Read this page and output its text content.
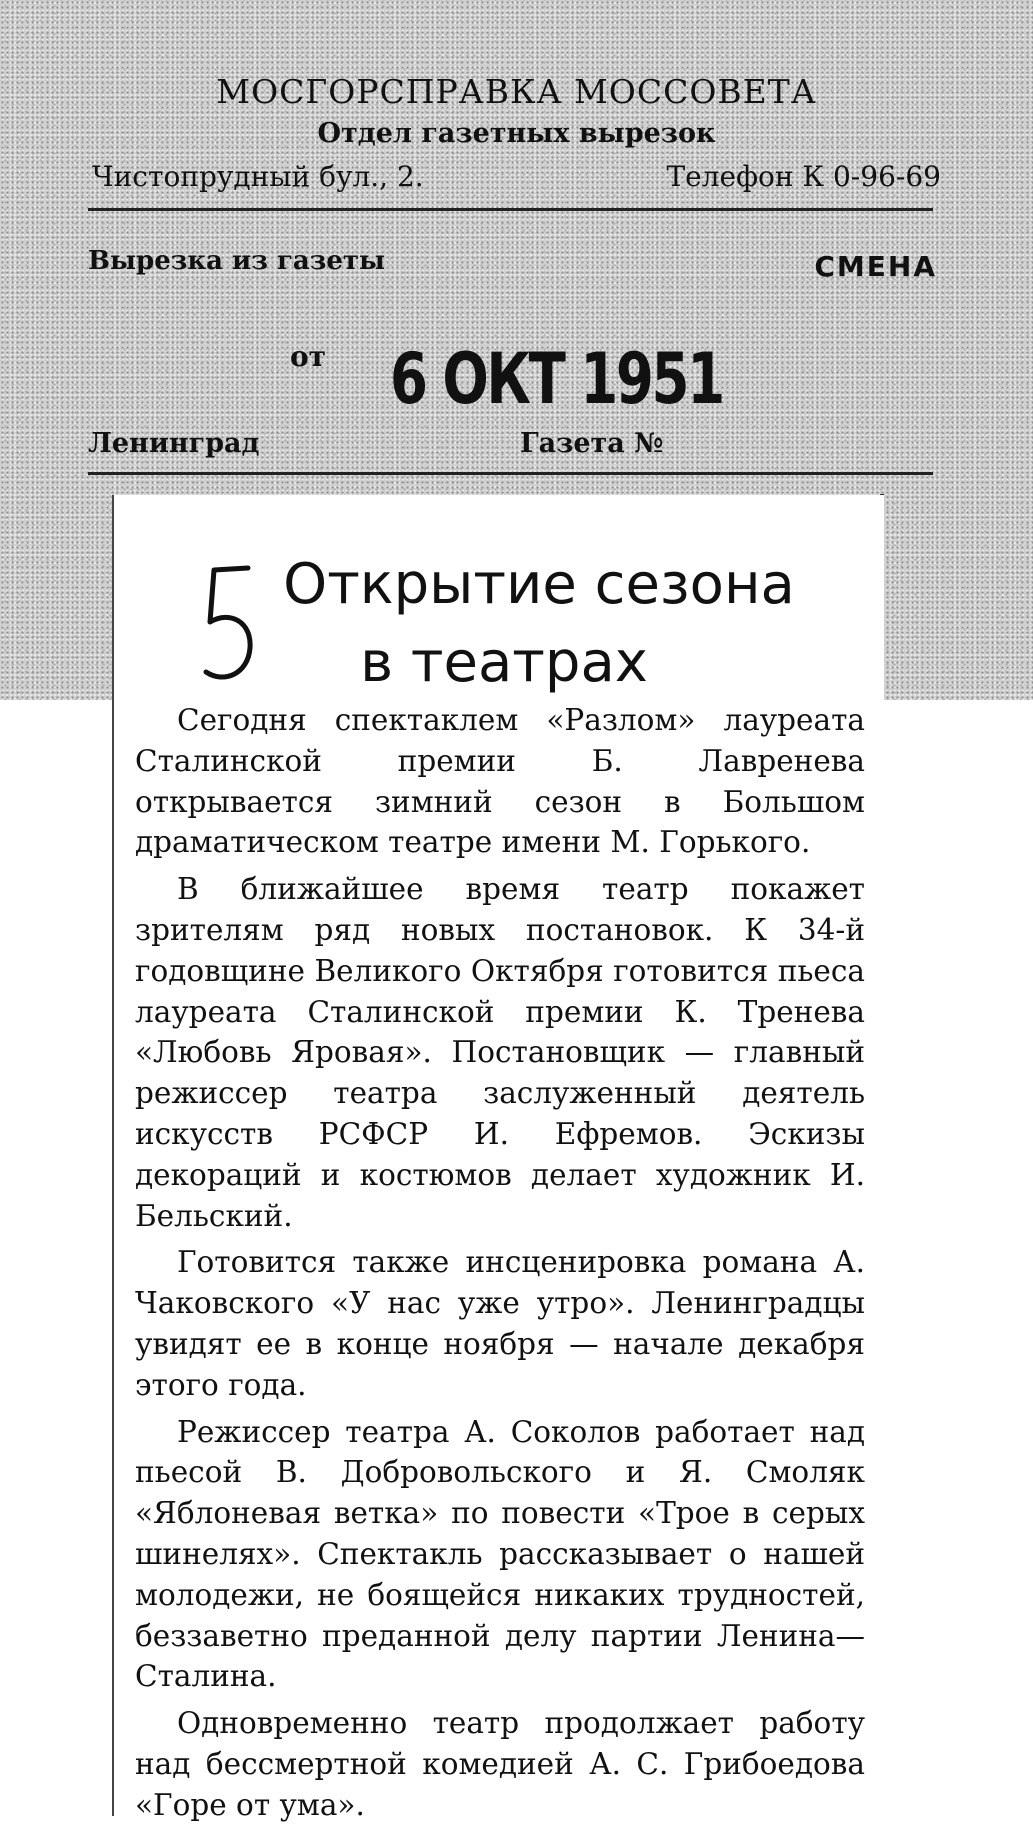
МОСГОРСПРАВКА МОССОВЕТА

Отдел газетных вырезок

Чистопрудный бул., 2.	Телефон К 0-96-69

Вырезка из газеты	СМЕНА

от 6 ОКТ 1951

Ленинград	Газета №

Открытие сезона
в театрах

Сегодня спектаклем «Разлом» лауреата Сталинской премии Б. Лавренева открывается зимний сезон в Большом драматическом театре имени М. Горького.

В ближайшее время театр покажет зрителям ряд новых постановок. К 34-й годовщине Великого Октября готовится пьеса лауреата Сталинской премии К. Тренева «Любовь Яровая». Постановщик — главный режиссер театра заслуженный деятель искусств РСФСР И. Ефремов. Эскизы декораций и костюмов делает художник И. Бельский.

Готовится также инсценировка романа А. Чаковского «У нас уже утро». Ленинградцы увидят ее в конце ноября — начале декабря этого года.

Режиссер театра А. Соколов работает над пьесой В. Добровольского и Я. Смоляк «Яблоневая ветка» по повести «Трое в серых шинелях». Спектакль рассказывает о нашей молодежи, не боящейся никаких трудностей, беззаветно преданной делу партии Ленина—Сталина.

Одновременно театр продолжает работу над бессмертной комедией А. С. Грибоедова «Горе от ума».
